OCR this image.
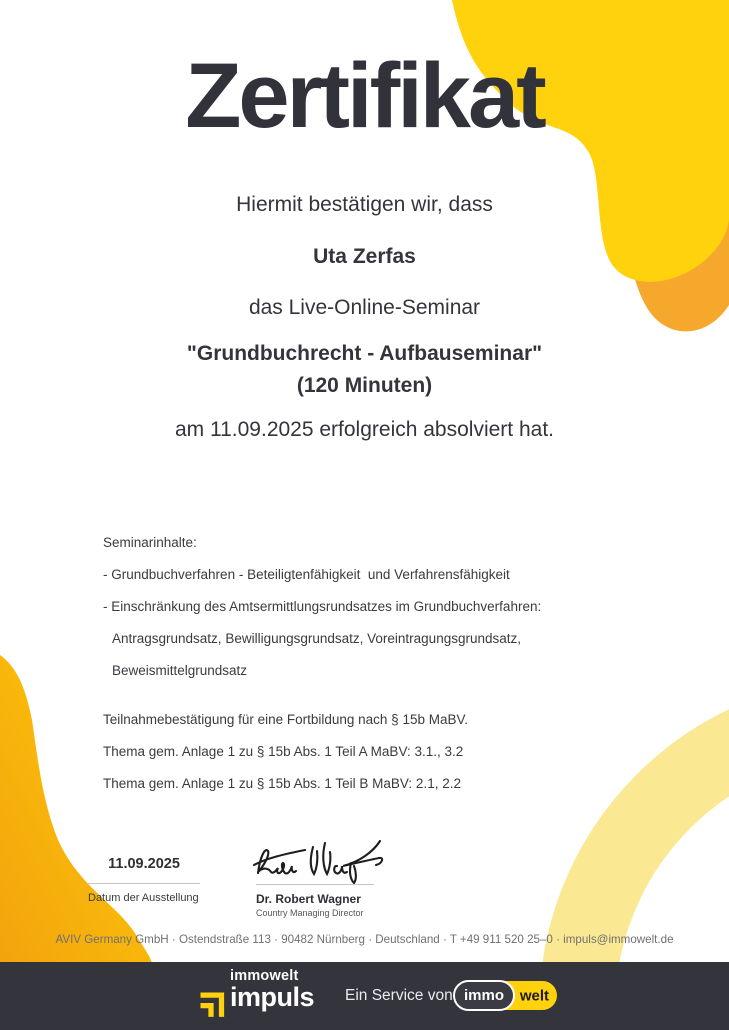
Zertifikat

Hiermit bestätigen wir, dass

Uta Zerfas

das Live-Online-Seminar

"Grundbuchrecht - Aufbauseminar"

(120 Minuten)

am 11.09.2025 erfolgreich absolviert hat.

Seminarinhalte:

- Grundbuchverfahren - Beteiligtenfähigkeit  und Verfahrensfähigkeit

- Einschränkung des Amtsermittlungsrundsatzes im Grundbuchverfahren:

Antragsgrundsatz, Bewilligungsgrundsatz, Voreintragungsgrundsatz,

Beweismittelgrundsatz

Teilnahmebestätigung für eine Fortbildung nach § 15b MaBV.

Thema gem. Anlage 1 zu § 15b Abs. 1 Teil A MaBV: 3.1., 3.2

Thema gem. Anlage 1 zu § 15b Abs. 1 Teil B MaBV: 2.1, 2.2

11.09.2025

Datum der Ausstellung	Dr. Robert Wagner

Country Managing Director

AVIV Germany GmbH · Ostendstraße 113 · 90482 Nürnberg · Deutschland · T +49 911 520 25–0 · impuls@immowelt.de

immowelt
impuls Ein Service von immo	welt
